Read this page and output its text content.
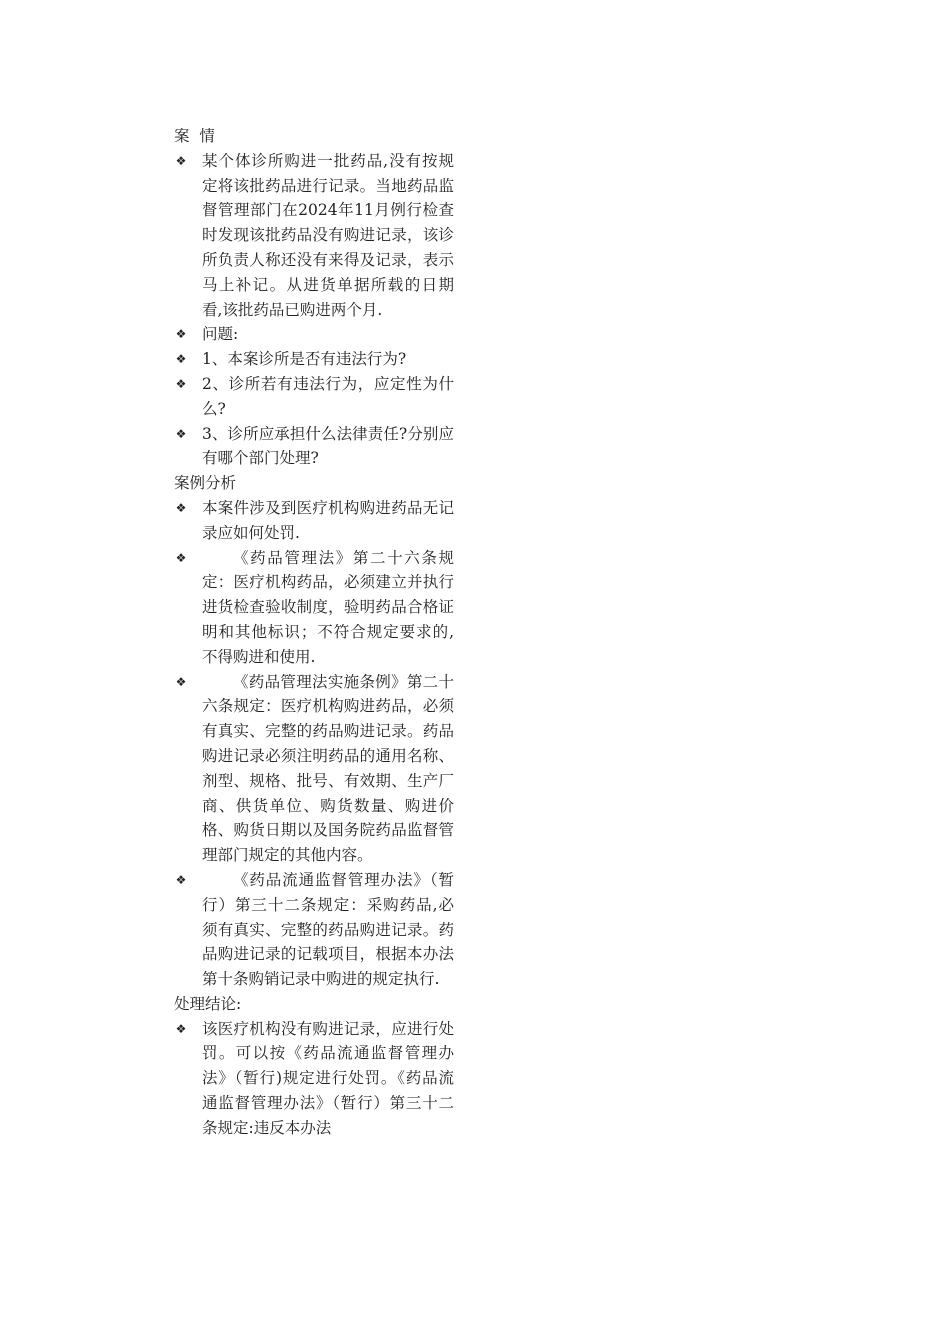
案  情
❖ 某个体诊所购进一批药品,没有按规定将该批药品进行记录。当地药品监督管理部门在2024年11月例行检查时发现该批药品没有购进记录，该诊所负责人称还没有来得及记录，表示马上补记。从进货单据所载的日期看,该批药品已购进两个月.
❖ 问题:
❖ 1、本案诊所是否有违法行为?
❖ 2、诊所若有违法行为，应定性为什么?
❖ 3、诊所应承担什么法律责任?分别应有哪个部门处理?
案例分析
❖ 本案件涉及到医疗机构购进药品无记录应如何处罚.
❖	《药品管理法》第二十六条规定：医疗机构药品，必须建立并执行进货检查验收制度，验明药品合格证明和其他标识；不符合规定要求的,不得购进和使用.
❖	《药品管理法实施条例》第二十六条规定：医疗机构购进药品，必须有真实、完整的药品购进记录。药品购进记录必须注明药品的通用名称、剂型、规格、批号、有效期、生产厂商、供货单位、购货数量、购进价格、购货日期以及国务院药品监督管理部门规定的其他内容。
❖	《药品流通监督管理办法》（暂行）第三十二条规定：采购药品,必须有真实、完整的药品购进记录。药品购进记录的记载项目，根据本办法第十条购销记录中购进的规定执行.
处理结论:
❖ 该医疗机构没有购进记录，应进行处罚。可以按《药品流通监督管理办法》（暂行)规定进行处罚。《药品流通监督管理办法》（暂行）第三十二条规定:违反本办法
